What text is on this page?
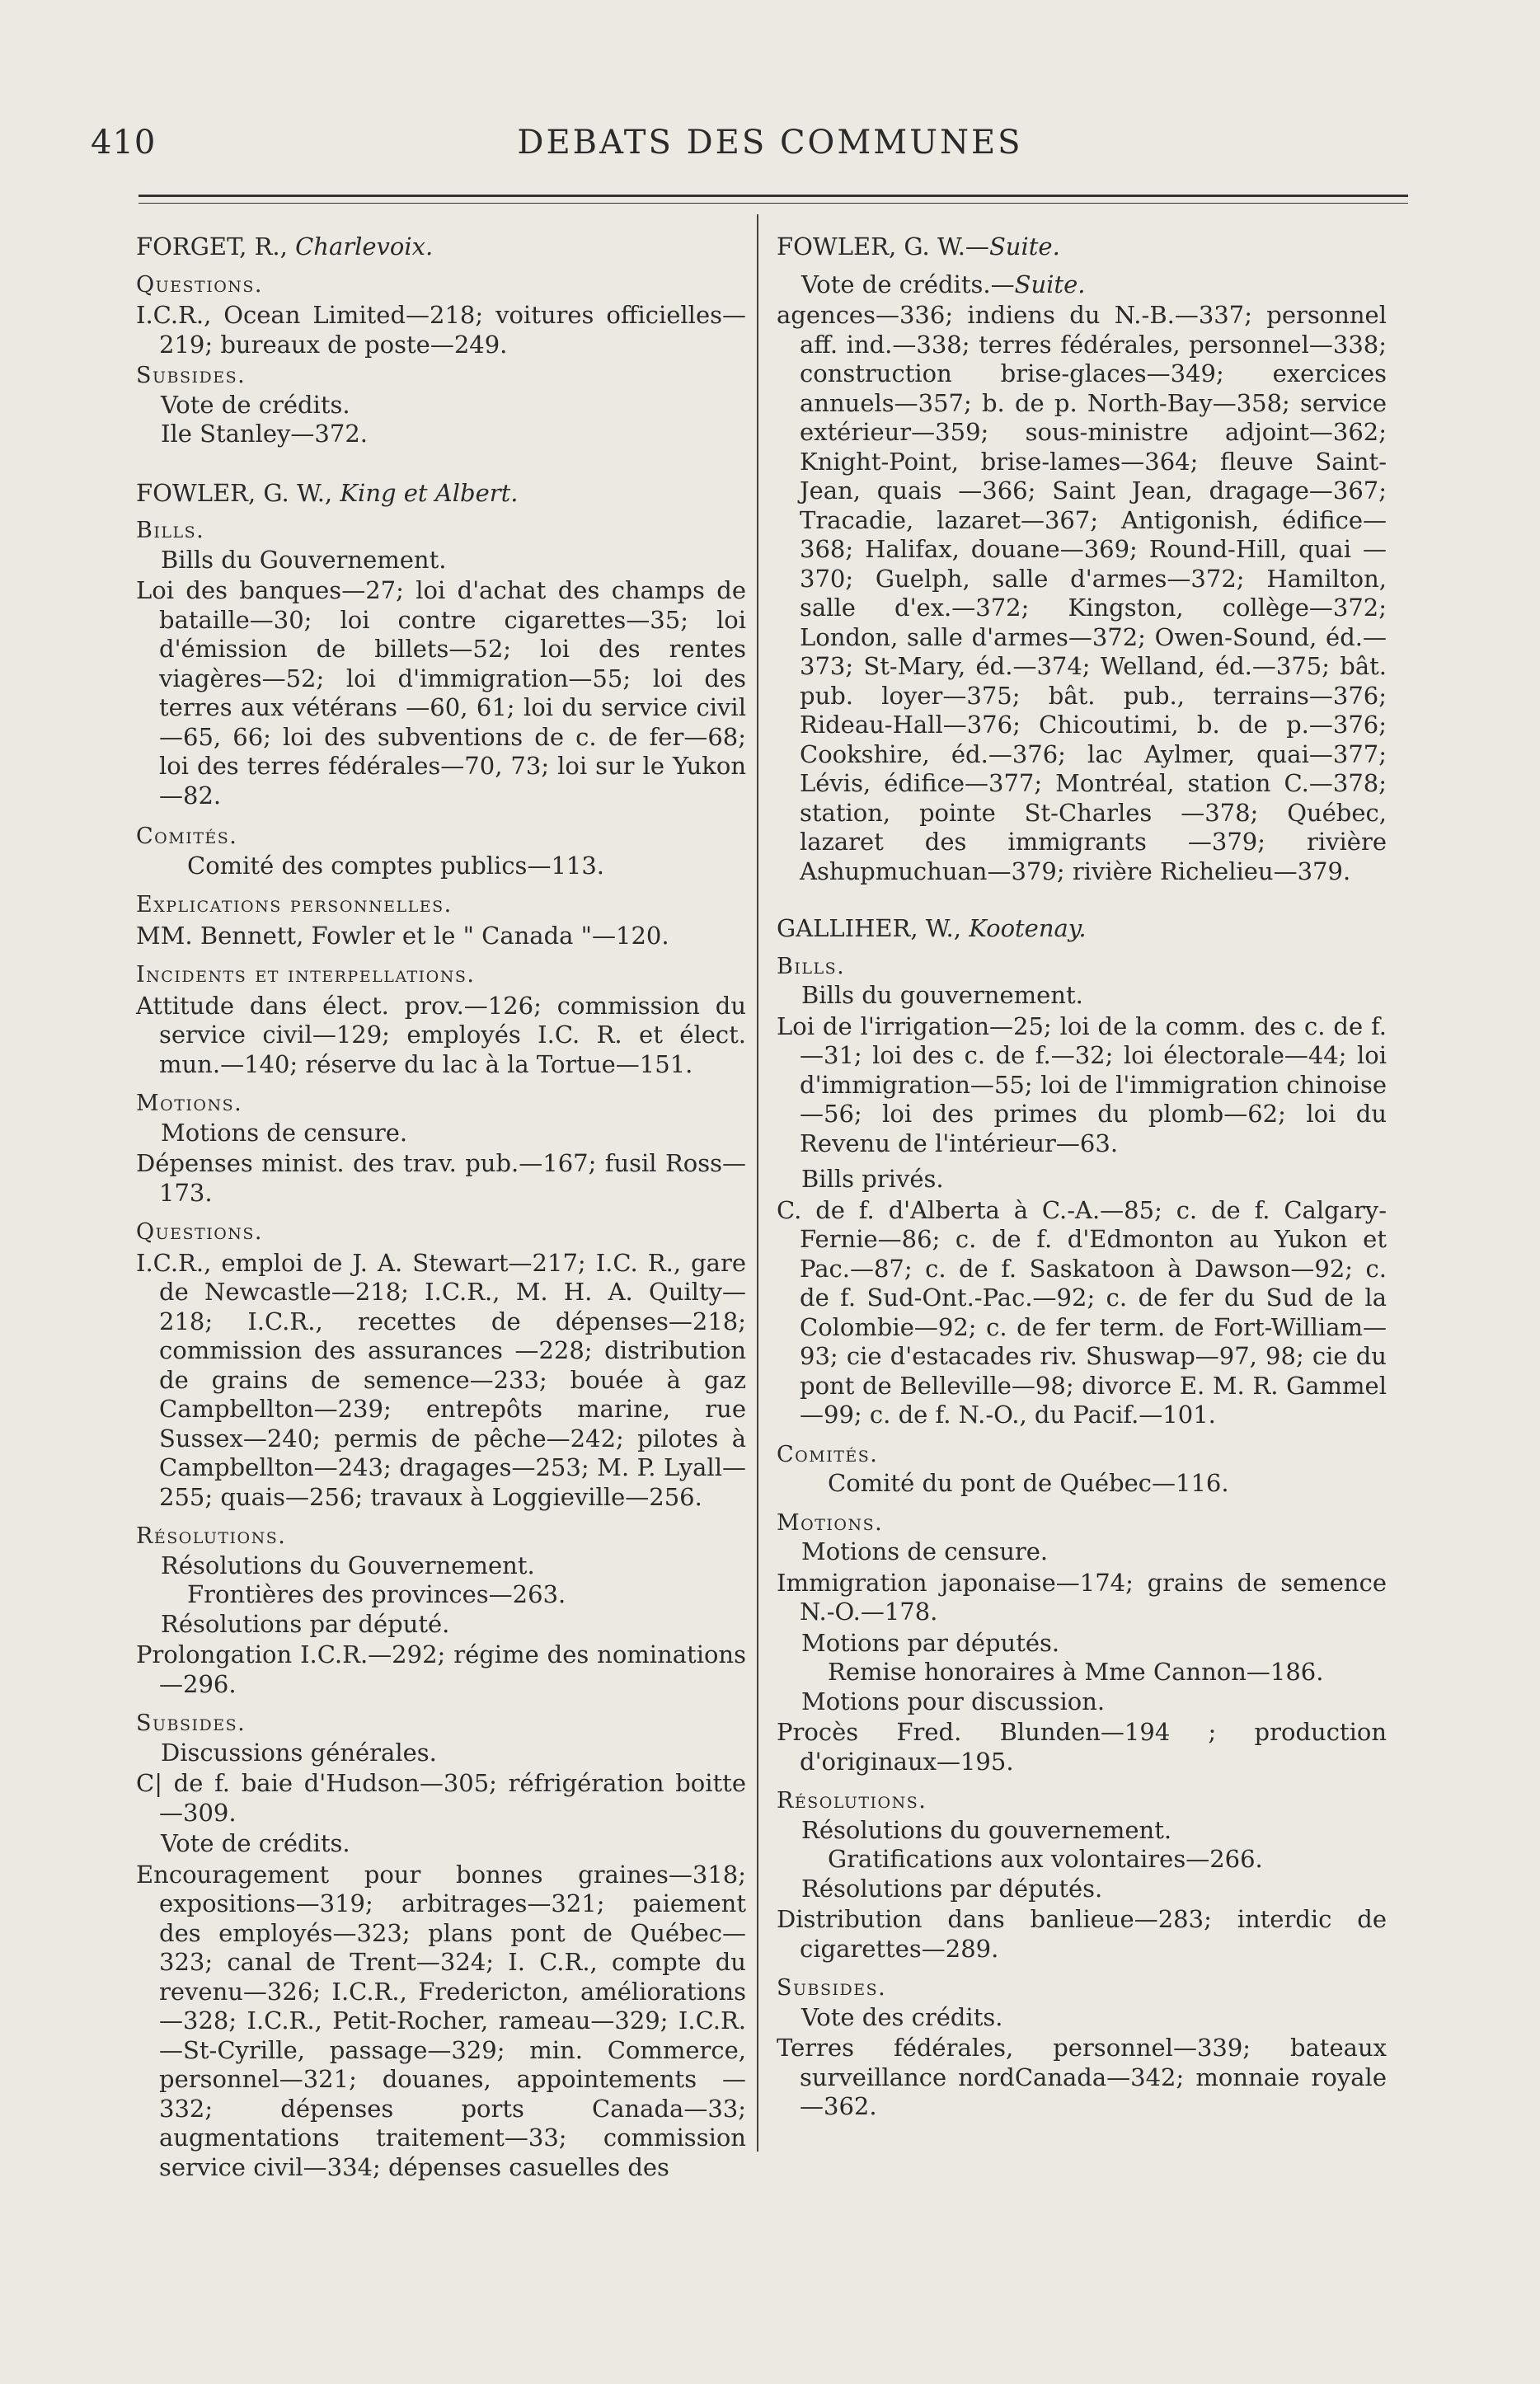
410	DEBATS DES COMMUNES
FORGET, R., Charlevoix.

Questions.

I.C.R., Ocean Limited—218; voitures officielles—219; bureaux de poste—249.

Subsides.

Vote de crédits.
Ile Stanley—372.
FOWLER, G. W., King et Albert.

Bills.

Bills du Gouvernement.
Loi des banques—27; loi d'achat des champs de bataille—30; loi contre cigarettes—35; loi d'émission de billets—52; loi des rentes viagères—52; loi d'immigration—55; loi des terres aux vétérans —60, 61; loi du service civil—65, 66; loi des subventions de c. de fer—68; loi des terres fédérales—70, 73; loi sur le Yukon—82.

Comités.

Comité des comptes publics—113.

Explications personnelles.

MM. Bennett, Fowler et le " Canada "—120.

Incidents et interpellations.

Attitude dans élect. prov.—126; commission du service civil—129; employés I.C. R. et élect. mun.—140; réserve du lac à la Tortue—151.

Motions.

Motions de censure.
Dépenses minist. des trav. pub.—167; fusil Ross—173.

Questions.

I.C.R., emploi de J. A. Stewart—217; I.C. R., gare de Newcastle—218; I.C.R., M. H. A. Quilty—218; I.C.R., recettes de dépenses—218; commission des assurances —228; distribution de grains de semence—233; bouée à gaz Campbellton—239; entrepôts marine, rue Sussex—240; permis de pêche—242; pilotes à Campbellton—243; dragages—253; M. P. Lyall—255; quais—256; travaux à Loggieville—256.

Résolutions.

Résolutions du Gouvernement.
Frontières des provinces—263.
Résolutions par député.
Prolongation I.C.R.—292; régime des nominations—296.

Subsides.

Discussions générales.
C| de f. baie d'Hudson—305; réfrigération boitte—309.
Vote de crédits.
Encouragement pour bonnes graines—318; expositions—319; arbitrages—321; paiement des employés—323; plans pont de Québec—323; canal de Trent—324; I. C.R., compte du revenu—326; I.C.R., Fredericton, améliorations—328; I.C.R., Petit-Rocher, rameau—329; I.C.R.—St-Cyrille, passage—329; min. Commerce, personnel—321; douanes, appointements —332; dépenses ports Canada—33; augmentations traitement—33; commission service civil—334; dépenses casuelles des
FOWLER, G. W.—Suite.
Vote de crédits.—Suite.
agences—336; indiens du N.-B.—337; personnel aff. ind.—338; terres fédérales, personnel—338; construction brise-glaces—349; exercices annuels—357; b. de p. North-Bay—358; service extérieur—359; sous-ministre adjoint—362; Knight-Point, brise-lames—364; fleuve Saint-Jean, quais —366; Saint Jean, dragage—367; Tracadie, lazaret—367; Antigonish, édifice—368; Halifax, douane—369; Round-Hill, quai —370; Guelph, salle d'armes—372; Hamilton, salle d'ex.—372; Kingston, collège—372; London, salle d'armes—372; Owen-Sound, éd.—373; St-Mary, éd.—374; Welland, éd.—375; bât. pub. loyer—375; bât. pub., terrains—376; Rideau-Hall—376; Chicoutimi, b. de p.—376; Cookshire, éd.—376; lac Aylmer, quai—377; Lévis, édifice—377; Montréal, station C.—378; station, pointe St-Charles —378; Québec, lazaret des immigrants —379; rivière Ashupmuchuan—379; rivière Richelieu—379.
GALLIHER, W., Kootenay.

Bills.

Bills du gouvernement.
Loi de l'irrigation—25; loi de la comm. des c. de f.—31; loi des c. de f.—32; loi électorale—44; loi d'immigration—55; loi de l'immigration chinoise—56; loi des primes du plomb—62; loi du Revenu de l'intérieur—63.
Bills privés.
C. de f. d'Alberta à C.-A.—85; c. de f. Calgary-Fernie—86; c. de f. d'Edmonton au Yukon et Pac.—87; c. de f. Saskatoon à Dawson—92; c. de f. Sud-Ont.-Pac.—92; c. de fer du Sud de la Colombie—92; c. de fer term. de Fort-William—93; cie d'estacades riv. Shuswap—97, 98; cie du pont de Belleville—98; divorce E. M. R. Gammel—99; c. de f. N.-O., du Pacif.—101.

Comités.

Comité du pont de Québec—116.

Motions.

Motions de censure.
Immigration japonaise—174; grains de semence N.-O.—178.
Motions par députés.
Remise honoraires à Mme Cannon—186.
Motions pour discussion.
Procès Fred. Blunden—194 ; production d'originaux—195.

Résolutions.

Résolutions du gouvernement.
Gratifications aux volontaires—266.
Résolutions par députés.
Distribution dans banlieue—283; interdic de cigarettes—289.

Subsides.

Vote des crédits.
Terres fédérales, personnel—339; bateaux surveillance nordCanada—342; monnaie royale—362.
